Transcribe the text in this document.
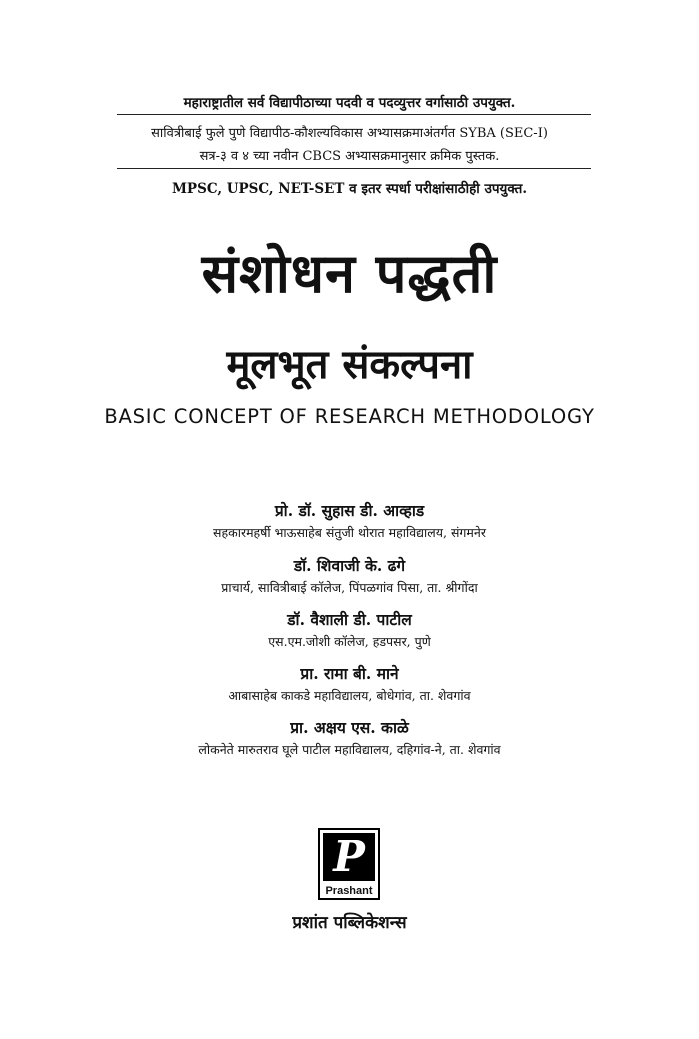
महाराष्ट्रातील सर्व विद्यापीठाच्या पदवी व पदव्युत्तर वर्गासाठी उपयुक्त.
सावित्रीबाई फुले पुणे विद्यापीठ-कौशल्यविकास अभ्यासक्रमाअंतर्गत SYBA (SEC-I)
सत्र-३ व ४ च्या नवीन CBCS अभ्यासक्रमानुसार क्रमिक पुस्तक.
MPSC, UPSC, NET-SET व इतर स्पर्धा परीक्षांसाठीही उपयुक्त.
संशोधन पद्धती
मूलभूत संकल्पना
BASIC CONCEPT OF RESEARCH METHODOLOGY
प्रो. डॉ. सुहास डी. आव्हाड
सहकारमहर्षी भाऊसाहेब संतुजी थोरात महाविद्यालय, संगमनेर
डॉ. शिवाजी के. ढगे
प्राचार्य, सावित्रीबाई कॉलेज, पिंपळगांव पिसा, ता. श्रीगोंदा
डॉ. वैशाली डी. पाटील
एस.एम.जोशी कॉलेज, हडपसर, पुणे
प्रा. रामा बी. माने
आबासाहेब काकडे महाविद्यालय, बोधेगांव, ता. शेवगांव
प्रा. अक्षय एस. काळे
लोकनेते मारुतराव घूले पाटील महाविद्यालय, दहिगांव-ने, ता. शेवगांव
P
Prashant
प्रशांत पब्लिकेशन्स
